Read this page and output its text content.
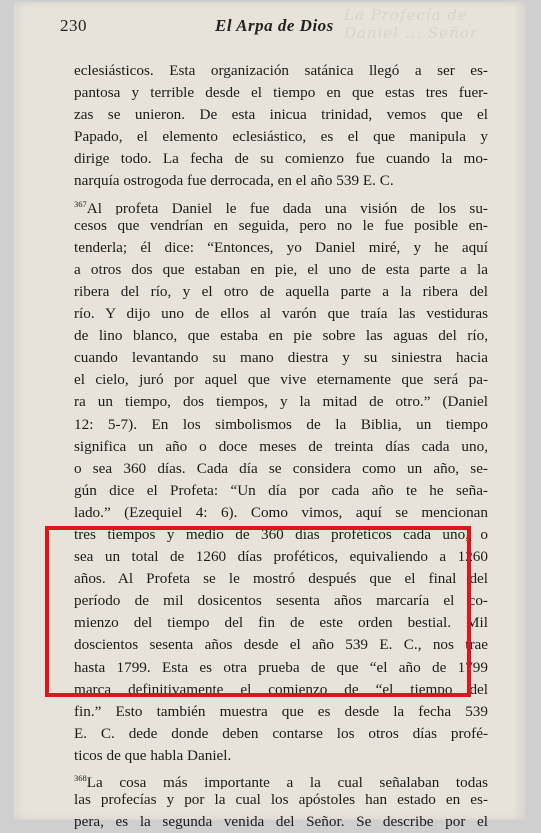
La Profecía de Daniel ... Señor
230	El Arpa de Dios
eclesiásticos. Esta organización satánica llegó a ser es-
pantosa y terrible desde el tiempo en que estas tres fuer-
zas se unieron. De esta inicua trinidad, vemos que el
Papado, el elemento eclesiástico, es el que manipula y
dirige todo. La fecha de su comienzo fue cuando la mo-
narquía ostrogoda fue derrocada, en el año 539 E. C.
$^{367}$Al profeta Daniel le fue dada una visión de los su-
cesos que vendrían en seguida, pero no le fue posible en-
tenderla; él dice: “Entonces, yo Daniel miré, y he aquí
a otros dos que estaban en pie, el uno de esta parte a la
ribera del río, y el otro de aquella parte a la ribera del
río. Y dijo uno de ellos al varón que traía las vestiduras
de lino blanco, que estaba en pie sobre las aguas del río,
cuando levantando su mano diestra y su siniestra hacia
el cielo, juró por aquel que vive eternamente que será pa-
ra un tiempo, dos tiempos, y la mitad de otro.” (Daniel
12: 5-7). En los simbolismos de la Biblia, un tiempo
significa un año o doce meses de treinta días cada uno,
o sea 360 días. Cada día se considera como un año, se-
gún dice el Profeta: “Un día por cada año te he seña-
lado.” (Ezequiel 4: 6). Como vimos, aquí se mencionan
tres tiempos y medio de 360 días proféticos cada uno, o
sea un total de 1260 días proféticos, equivaliendo a 1260
años. Al Profeta se le mostró después que el final del
período de mil dosicentos sesenta años marcaría el co-
mienzo del tiempo del fin de este orden bestial. Mil
doscientos sesenta años desde el año 539 E. C., nos trae
hasta 1799. Esta es otra prueba de que “el año de 1799
marca definitivamente el comienzo de “el tiempo del
fin.” Esto también muestra que es desde la fecha 539
E. C. dede donde deben contarse los otros días profé-
ticos de que habla Daniel.
$^{368}$La cosa más importante a la cual señalaban todas
las profecías y por la cual los apóstoles han estado en es-
pera, es la segunda venida del Señor. Se describe por el
